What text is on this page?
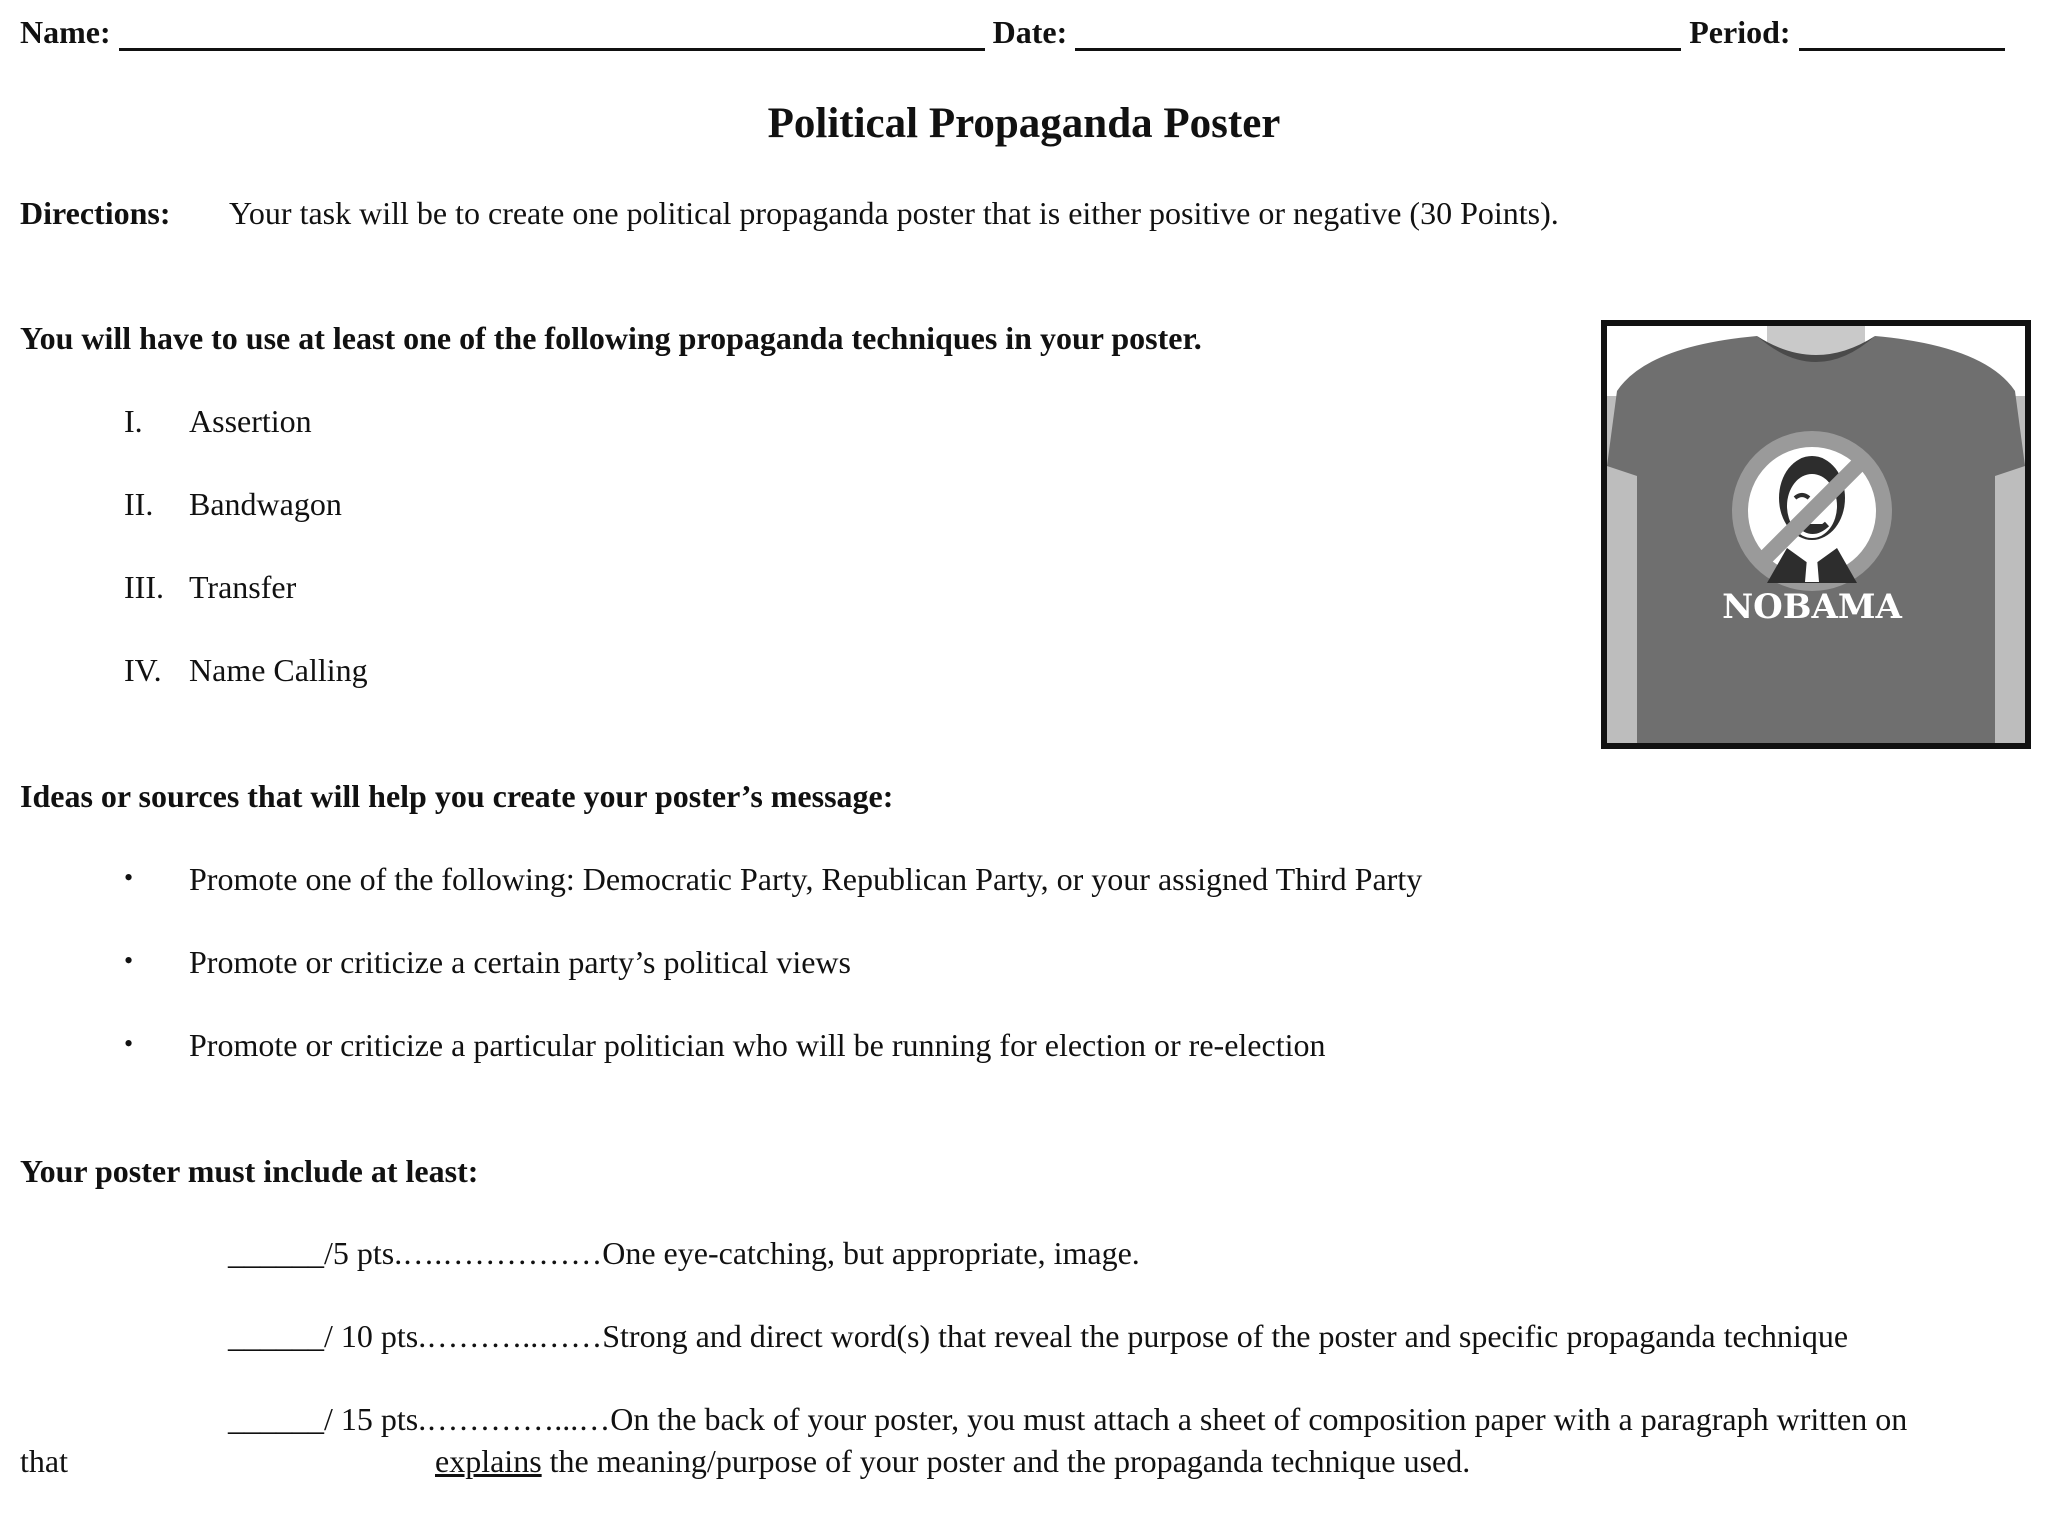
Name:	Date:	Period:
Political Propaganda Poster
Directions: Your task will be to create one political propaganda poster that is either positive or negative (30 Points).
You will have to use at least one of the following propaganda techniques in your poster.
I. Assertion
II. Bandwagon
III. Transfer
IV. Name Calling
NOBAMA
Ideas or sources that will help you create your poster’s message:
• Promote one of the following: Democratic Party, Republican Party, or your assigned Third Party
• Promote or criticize a certain party’s political views
• Promote or criticize a particular politician who will be running for election or re-election
Your poster must include at least:
______/5 pts.….……………One eye-catching, but appropriate, image.
______/ 10 pts.………..……Strong and direct word(s) that reveal the purpose of the poster and specific propaganda technique
______/ 15 pts.…………...…On the back of your poster, you must attach a sheet of composition paper with a paragraph written on
that	explains the meaning/purpose of your poster and the propaganda technique used.
